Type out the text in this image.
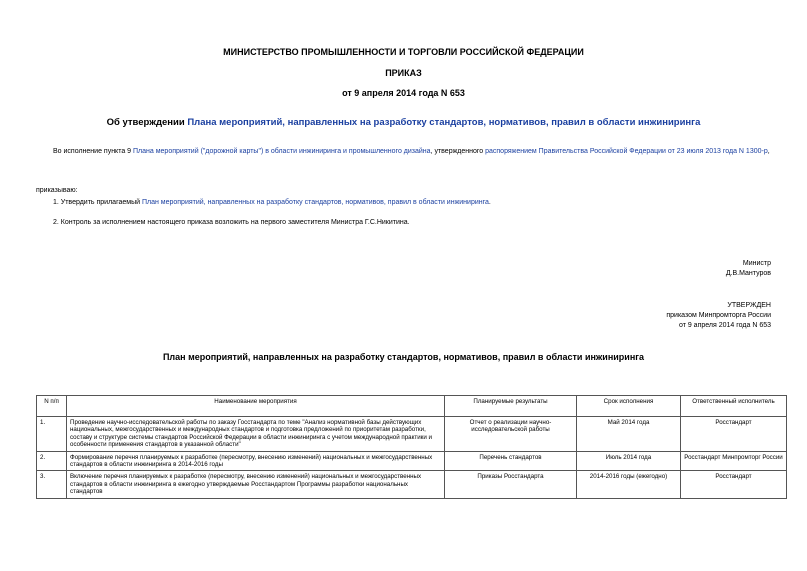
МИНИСТЕРСТВО ПРОМЫШЛЕННОСТИ И ТОРГОВЛИ РОССИЙСКОЙ ФЕДЕРАЦИИ
ПРИКАЗ
от 9 апреля 2014 года N 653
Об утверждении Плана мероприятий, направленных на разработку стандартов, нормативов, правил в области инжиниринга
Во исполнение пункта 9 Плана мероприятий ("дорожной карты") в области инжиниринга и промышленного дизайна, утвержденного распоряжением Правительства Российской Федерации от 23 июля 2013 года N 1300-р,
приказываю:
1. Утвердить прилагаемый План мероприятий, направленных на разработку стандартов, нормативов, правил в области инжиниринга.
2. Контроль за исполнением настоящего приказа возложить на первого заместителя Министра Г.С.Никитина.
Министр
Д.В.Мантуров
УТВЕРЖДЕН
приказом Минпромторга России
от 9 апреля 2014 года N 653
План мероприятий, направленных на разработку стандартов, нормативов, правил в области инжиниринга
N п/п	Наименование мероприятия	Планируемые результаты	Срок исполнения	Ответственный исполнитель
1.	Проведение научно-исследовательской работы по заказу Госстандарта по теме "Анализ нормативной базы действующих национальных, межгосударственных и международных стандартов и подготовка предложений по приоритетам разработки, составу и структуре системы стандартов Российской Федерации в области инжиниринга с учетом международной практики и особенности применения стандартов в указанной области"	Отчет о реализации научно-исследовательской работы	Май 2014 года	Росстандарт
2.	Формирование перечня планируемых к разработке (пересмотру, внесению изменений) национальных и межгосударственных стандартов в области инжиниринга в 2014-2016 годы	Перечень стандартов	Июль 2014 года	Росстандарт Минпромторг России
3.	Включение перечня планируемых к разработке (пересмотру, внесению изменений) национальных и межгосударственных стандартов в области инжиниринга в ежегодно утверждаемые Росстандартом Программы разработки национальных стандартов	Приказы Росстандарта	2014-2016 годы (ежегодно)	Росстандарт
